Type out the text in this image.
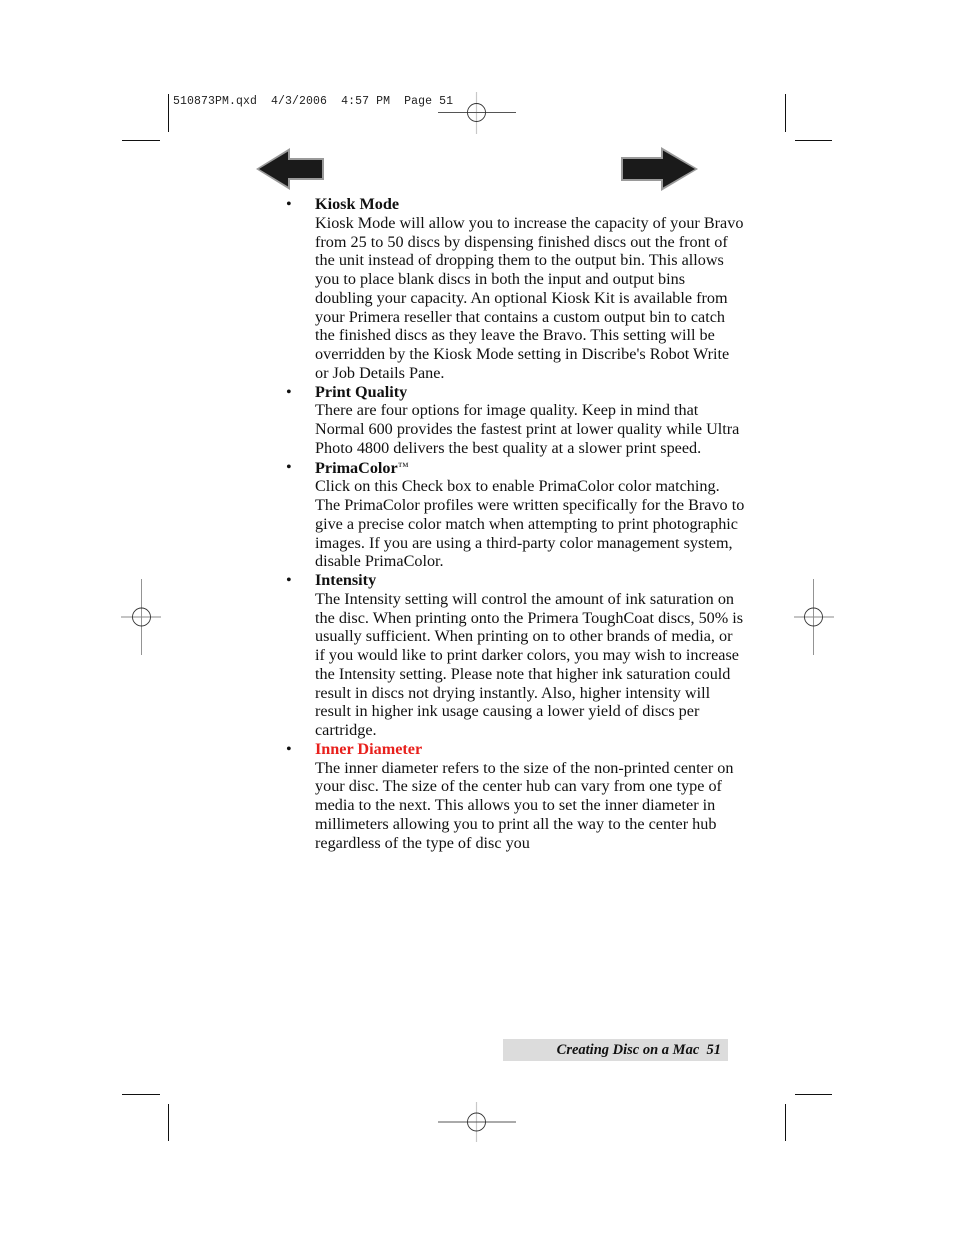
510873PM.qxd 4/3/2006 4:57 PM Page 51
• Kiosk Mode
Kiosk Mode will allow you to increase the capacity of your Bravo from 25 to 50 discs by dispensing finished discs out the front of the unit instead of dropping them to the output bin. This allows you to place blank discs in both the input and output bins doubling your capacity. An optional Kiosk Kit is available from your Primera reseller that contains a custom output bin to catch the finished discs as they leave the Bravo. This setting will be overridden by the Kiosk Mode setting in Discribe's Robot Write or Job Details Pane.
• Print Quality
There are four options for image quality. Keep in mind that Normal 600 provides the fastest print at lower quality while Ultra Photo 4800 delivers the best quality at a slower print speed.
• PrimaColor™
Click on this Check box to enable PrimaColor color matching. The PrimaColor profiles were written specifically for the Bravo to give a precise color match when attempting to print photographic images. If you are using a third-party color management system, disable PrimaColor.
• Intensity
The Intensity setting will control the amount of ink saturation on the disc. When printing onto the Primera ToughCoat discs, 50% is usually sufficient. When printing on to other brands of media, or if you would like to print darker colors, you may wish to increase the Intensity setting. Please note that higher ink saturation could result in discs not drying instantly. Also, higher intensity will result in higher ink usage causing a lower yield of discs per cartridge.
• Inner Diameter
The inner diameter refers to the size of the non-printed center on your disc. The size of the center hub can vary from one type of media to the next. This allows you to set the inner diameter in millimeters allowing you to print all the way to the center hub regardless of the type of disc you
Creating Disc on a Mac 51
